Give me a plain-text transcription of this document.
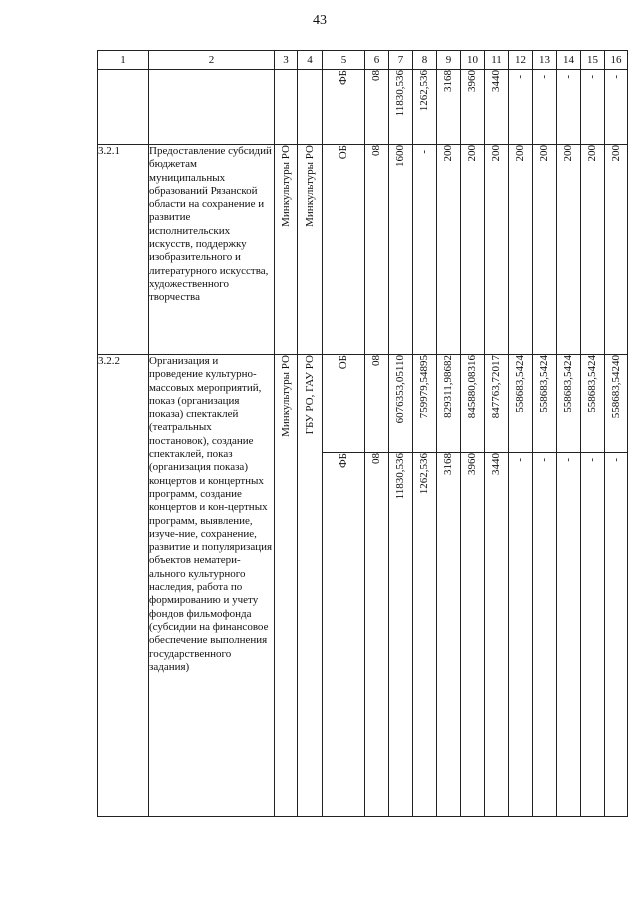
43
1	2	3	4	5	6	7	8	9	10	11	12	13	14	15	16
				ФБ	08	11830,536	1262,536	3168	3960	3440	-	-	-	-	-
3.2.1	Предоставление субсидий бюджетам муниципальных образований Рязанской области на сохранение и развитие исполнительских искусств, поддержку изобразительного и литературного искусства, художественного творчества	Минкультуры РО	Минкультуры РО	ОБ	08	1600	-	200	200	200	200	200	200	200	200
3.2.2	Организация и проведение культурно-массовых мероприятий, показ (организация показа) спектаклей (театральных постановок), создание спектаклей, показ (организация показа) концертов и концертных программ, создание концертов и кон-цертных программ, выявление, изуче-ние, сохранение, развитие и популяризация объектов нематери-ального культурного наследия, работа по формированию и учету фондов фильмофонда (субсидии на финансовое обеспечение выполнения государственного задания)	Минкультуры РО	ГБУ РО, ГАУ РО	ОБ	08	6076353,05110	759979,54895	829311,98682	845880,08316	847763,72017	558683,5424	558683,5424	558683,5424	558683,5424	558683,54240
				ФБ	08	11830,536	1262,536	3168	3960	3440	-	-	-	-	-
